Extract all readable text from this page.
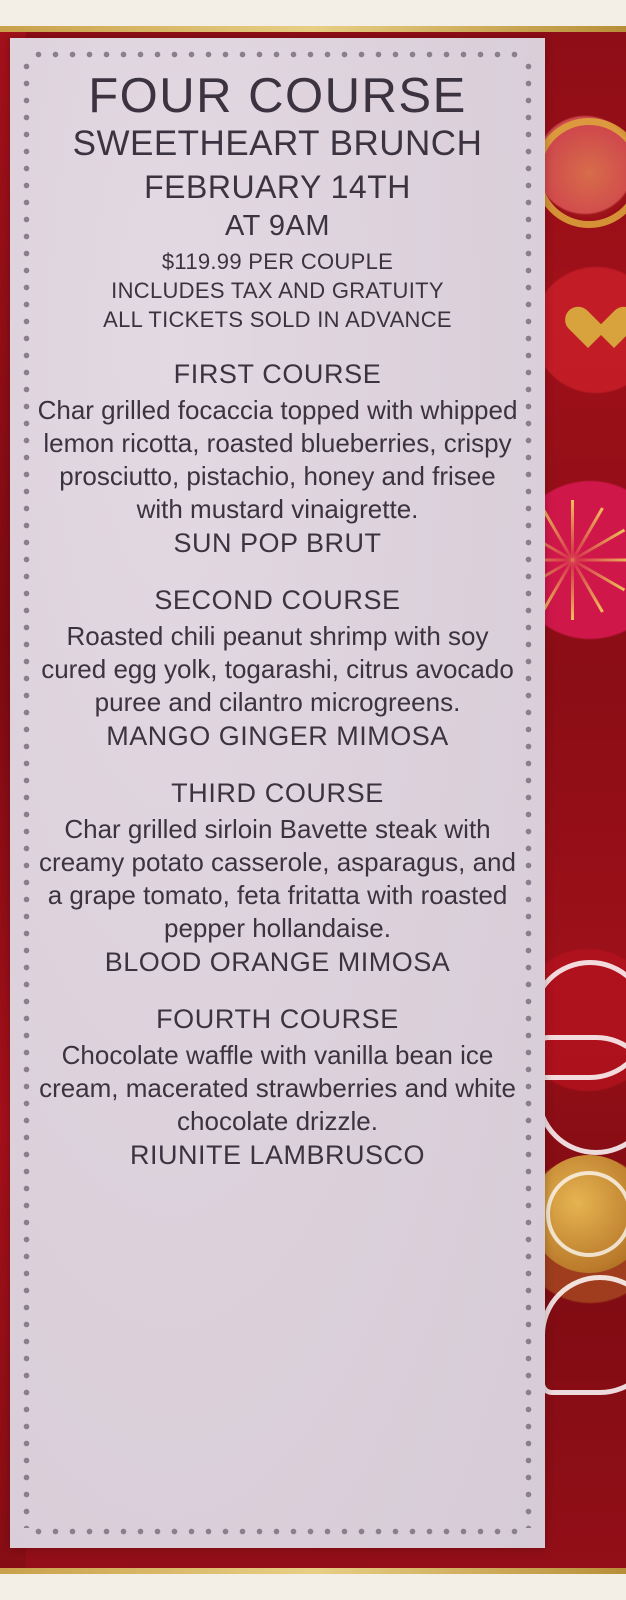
FOUR COURSE
SWEETHEART BRUNCH
FEBRUARY 14TH
AT 9AM
$119.99 PER COUPLE
INCLUDES TAX AND GRATUITY
ALL TICKETS SOLD IN ADVANCE
FIRST COURSE

Char grilled focaccia topped with whipped lemon ricotta, roasted blueberries, crispy prosciutto, pistachio, honey and frisee with mustard vinaigrette.

SUN POP BRUT
SECOND COURSE

Roasted chili peanut shrimp with soy cured egg yolk, togarashi, citrus avocado puree and cilantro microgreens.

MANGO GINGER MIMOSA
THIRD COURSE

Char grilled sirloin Bavette steak with creamy potato casserole, asparagus, and a grape tomato, feta fritatta with roasted pepper hollandaise.

BLOOD ORANGE MIMOSA
FOURTH COURSE

Chocolate waffle with vanilla bean ice cream, macerated strawberries and white chocolate drizzle.

RIUNITE LAMBRUSCO
